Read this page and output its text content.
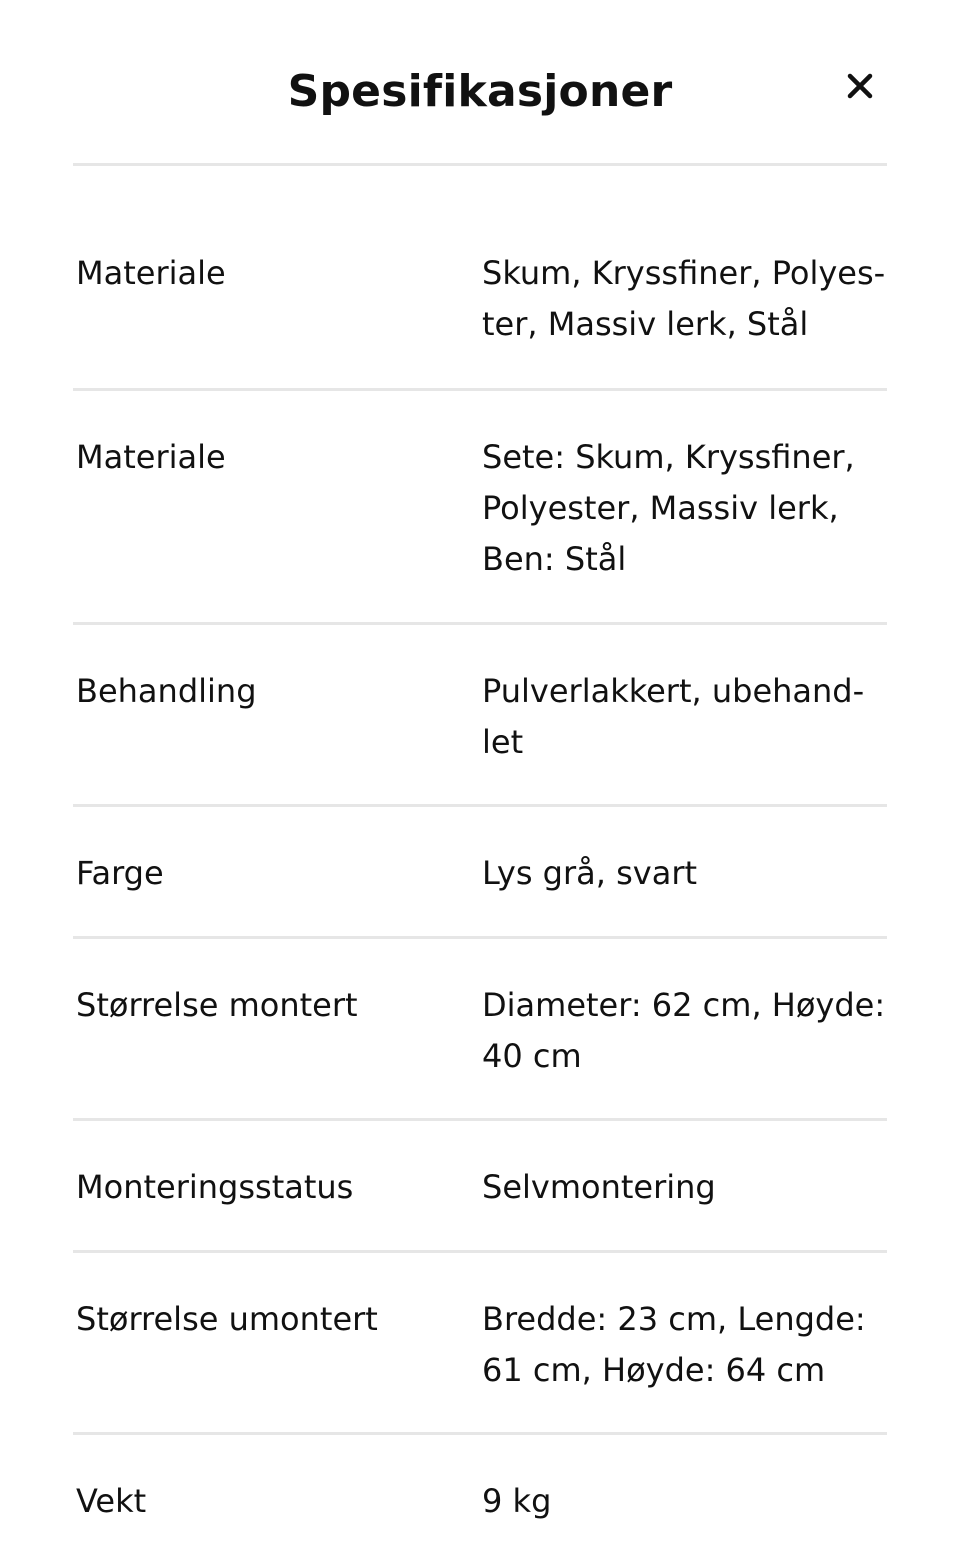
Spesifikasjoner
Materiale	Skum, Kryssfiner, Polyes-
ter, Massiv lerk, Stål
Materiale	Sete: Skum, Kryssfiner,
Polyester, Massiv lerk,
Ben: Stål
Behandling	Pulverlakkert, ubehand-
let
Farge	Lys grå, svart
Størrelse montert	Diameter: 62 cm, Høyde:
40 cm
Monteringsstatus	Selvmontering
Størrelse umontert	Bredde: 23 cm, Lengde:
61 cm, Høyde: 64 cm
Vekt	9 kg
